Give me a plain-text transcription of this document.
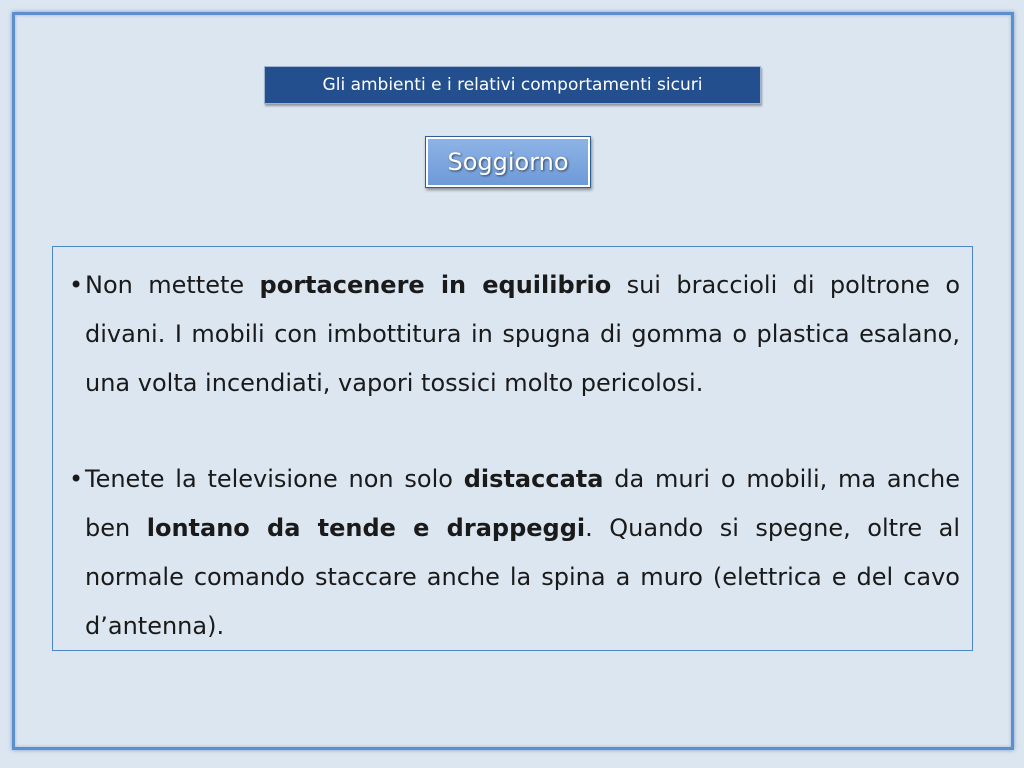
Gli ambienti e i relativi comportamenti sicuri
Soggiorno
• Non mettete portacenere in equilibrio sui braccioli di poltrone o divani. I mobili con imbottitura in spugna di gomma o plastica esalano, una volta incendiati, vapori tossici molto pericolosi.
• Tenete la televisione non solo distaccata da muri o mobili, ma anche ben lontano da tende e drappeggi. Quando si spegne, oltre al normale comando staccare anche la spina a muro (elettrica e del cavo d’antenna).
